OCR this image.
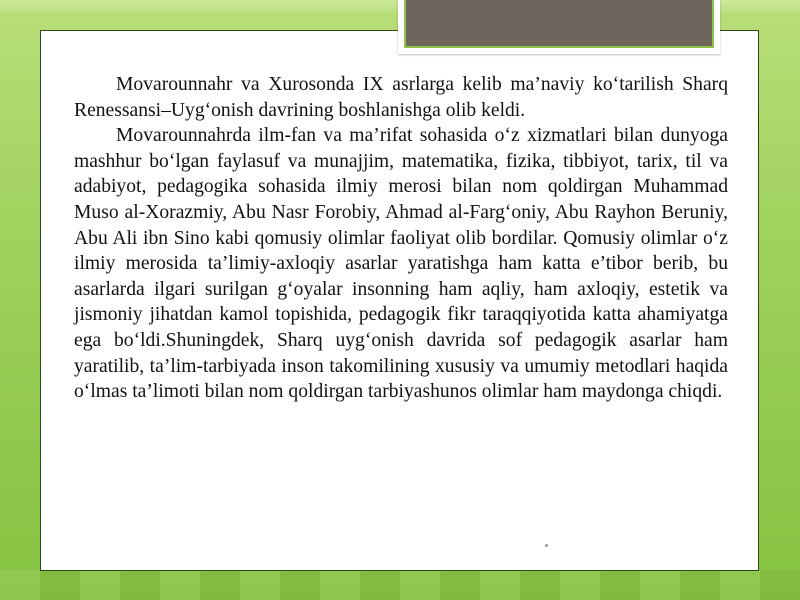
Movarounnahr va Xurosonda IX asrlarga kelib ma’naviy ko‘tarilish Sharq Renessansi–Uyg‘onish davrining boshlanishga olib keldi.

Movarounnahrda ilm-fan va ma’rifat sohasida o‘z xizmatlari bilan dunyoga mashhur bo‘lgan faylasuf va munajjim, matematika, fizika, tibbiyot, tarix, til va adabiyot, pedagogika sohasida ilmiy merosi bilan nom qoldirgan Muhammad Muso al-Xorazmiy, Abu Nasr Forobiy, Ahmad al-Farg‘oniy, Abu Rayhon Beruniy, Abu Ali ibn Sino kabi qomusiy olimlar faoliyat olib bordilar. Qomusiy olimlar o‘z ilmiy merosida ta’limiy-axloqiy asarlar yaratishga ham katta e’tibor berib, bu asarlarda ilgari surilgan g‘oyalar insonning ham aqliy, ham axloqiy, estetik va jismoniy jihatdan kamol topishida, pedagogik fikr taraqqiyotida katta ahamiyatga ega bo‘ldi.Shuningdek, Sharq uyg‘onish davrida sof pedagogik asarlar ham yaratilib, ta’lim-tarbiyada inson takomilining xususiy va umumiy metodlari haqida o‘lmas ta’limoti bilan nom qoldirgan tarbiyashunos olimlar ham maydonga chiqdi.
